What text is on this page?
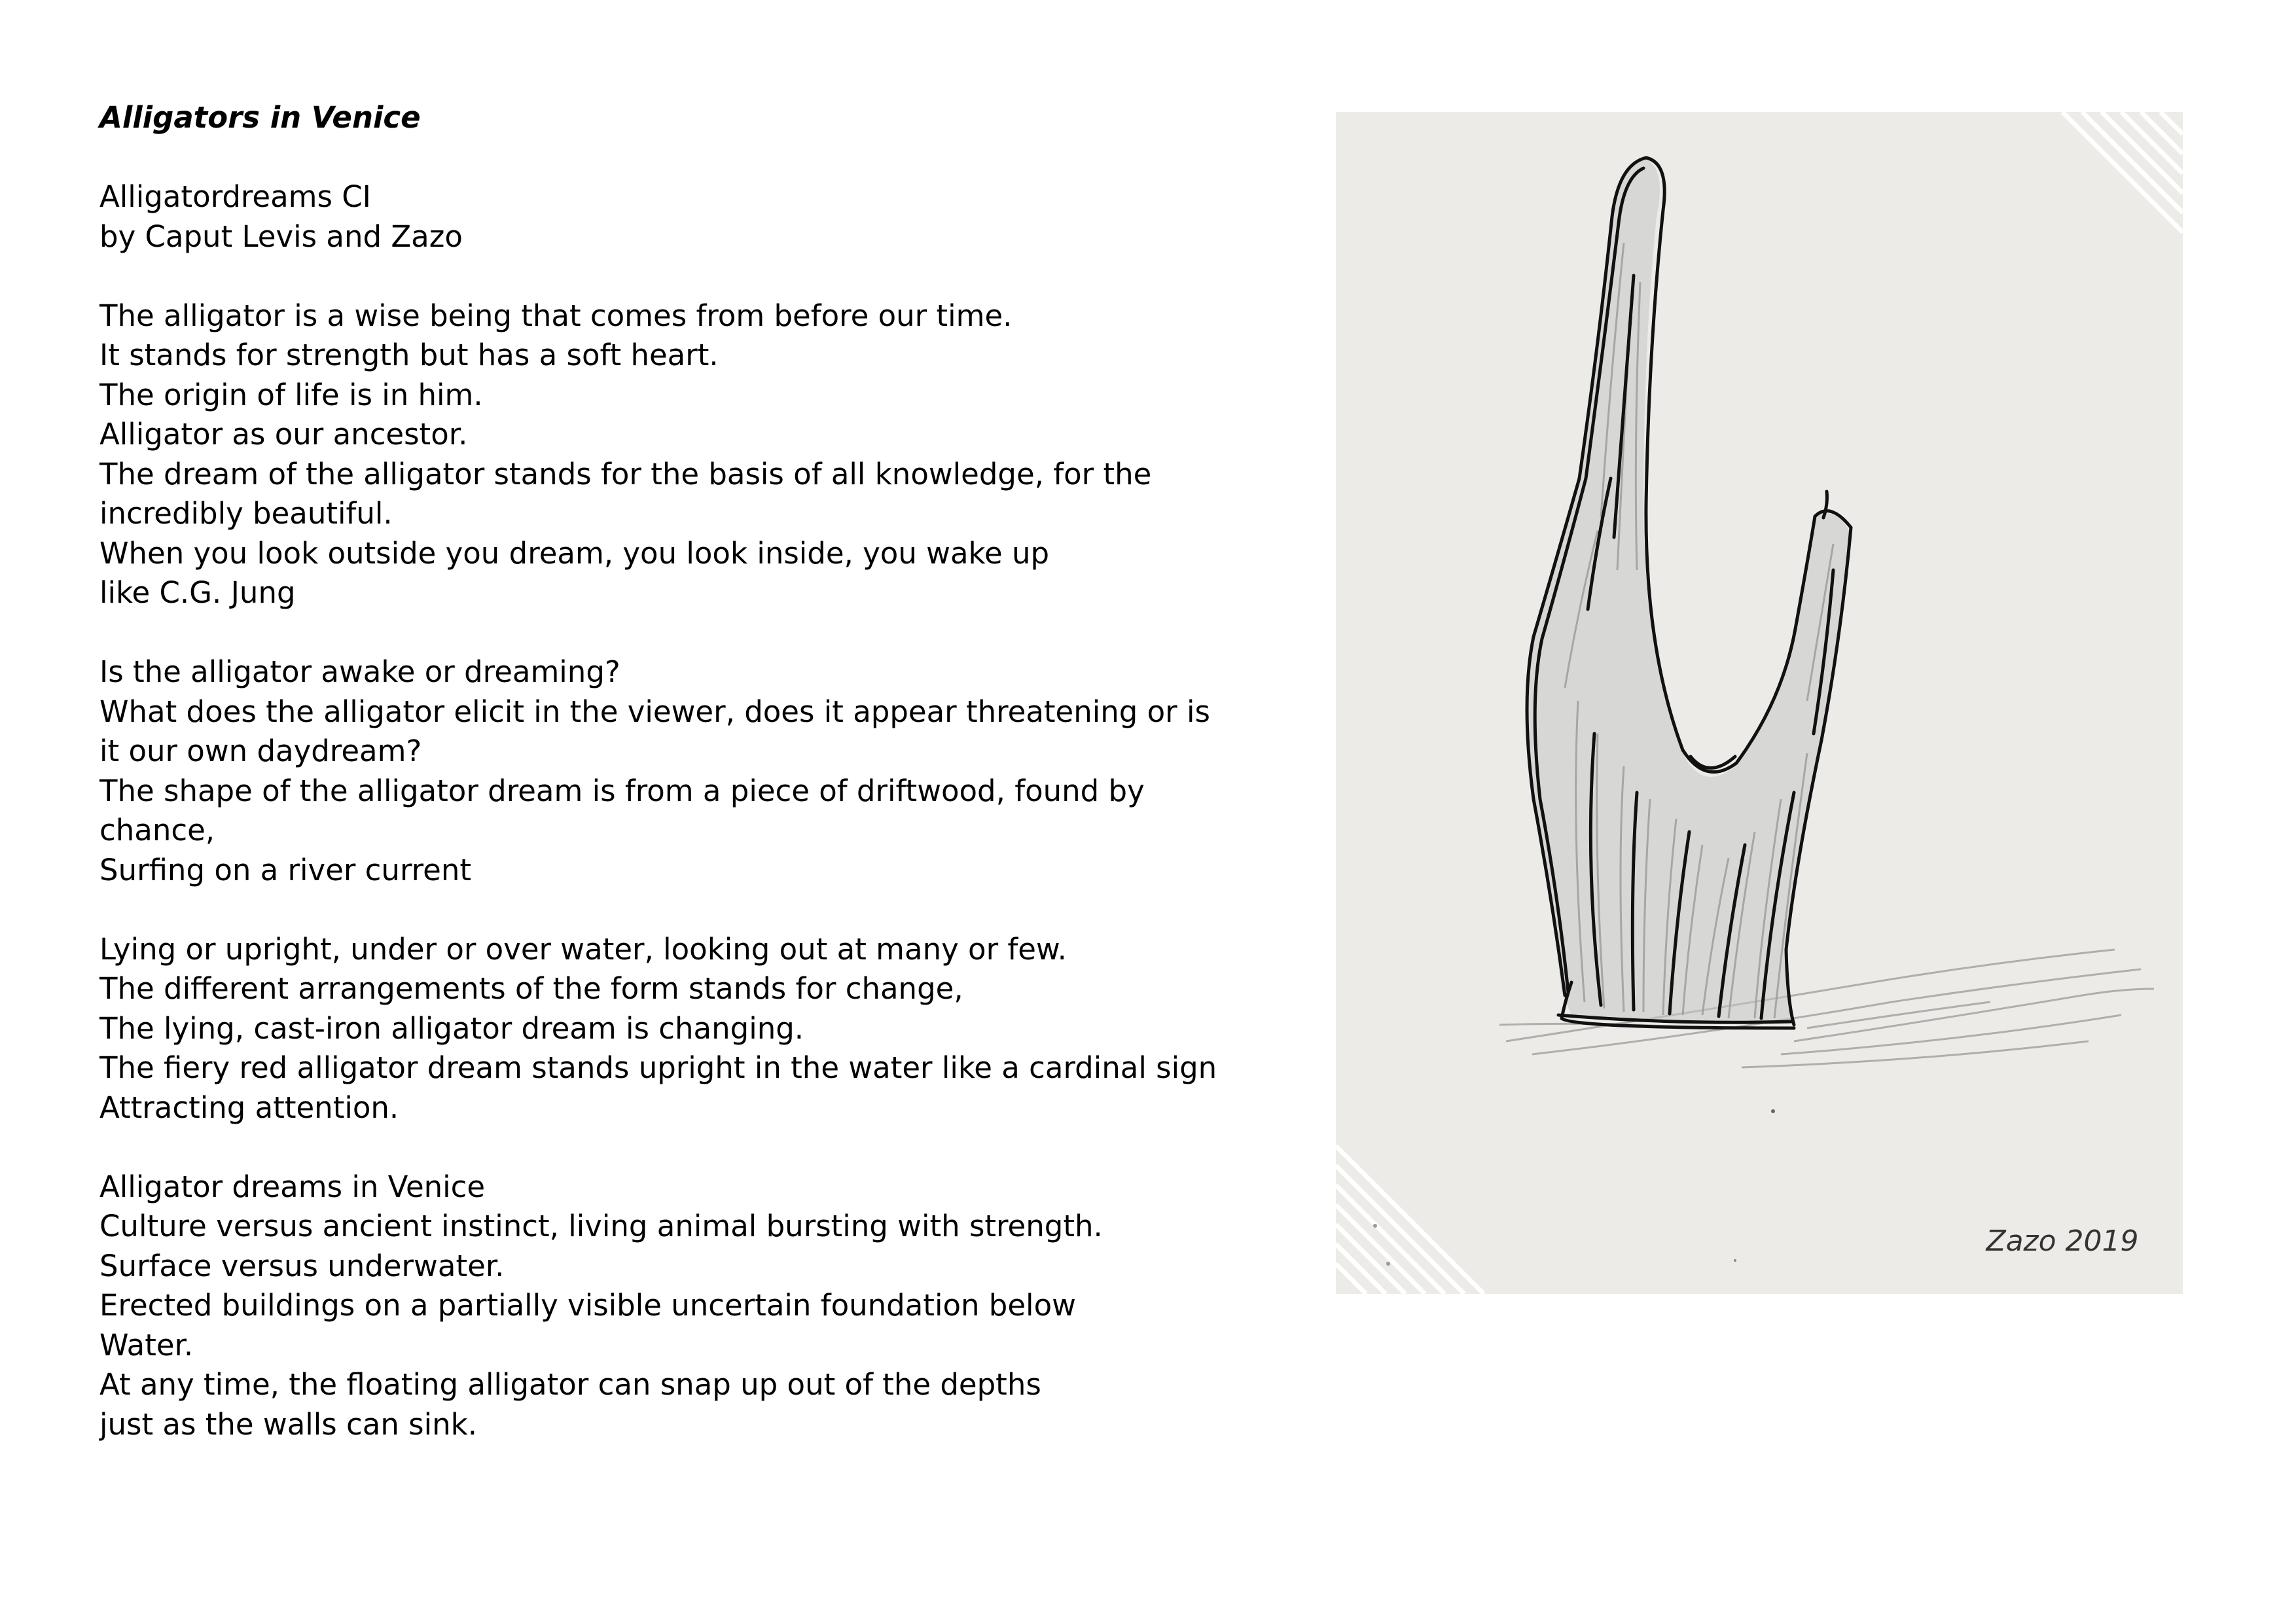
Alligators in Venice
Alligatordreams CI
by Caput Levis and Zazo
The alligator is a wise being that comes from before our time.
It stands for strength but has a soft heart.
The origin of life is in him.
Alligator as our ancestor.
The dream of the alligator stands for the basis of all knowledge, for the
incredibly beautiful.
When you look outside you dream, you look inside, you wake up
like C.G. Jung
Is the alligator awake or dreaming?
What does the alligator elicit in the viewer, does it appear threatening or is
it our own daydream?
The shape of the alligator dream is from a piece of driftwood, found by
chance,
Surfing on a river current
Lying or upright, under or over water, looking out at many or few.
The different arrangements of the form stands for change,
The lying, cast-iron alligator dream is changing.
The fiery red alligator dream stands upright in the water like a cardinal sign
Attracting attention.
Alligator dreams in Venice
Culture versus ancient instinct, living animal bursting with strength.
Surface versus underwater.
Erected buildings on a partially visible uncertain foundation below
Water.
At any time, the floating alligator can snap up out of the depths
just as the walls can sink.
Zazo 2019
